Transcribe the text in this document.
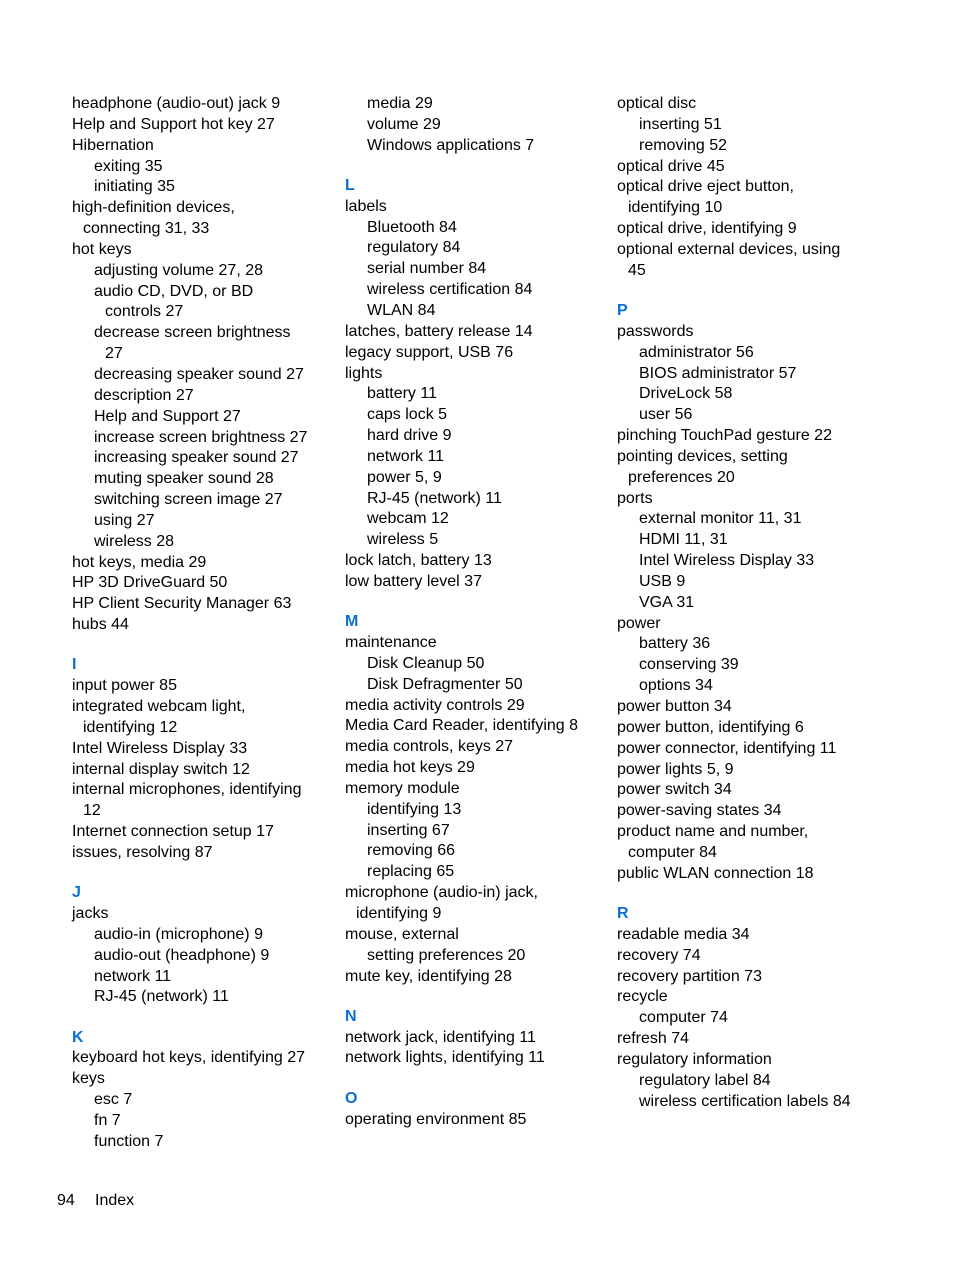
headphone (audio-out) jack 9
Help and Support hot key 27
Hibernation
exiting 35
initiating 35
high-definition devices,
connecting 31, 33
hot keys
adjusting volume 27, 28
audio CD, DVD, or BD
controls 27
decrease screen brightness
27
decreasing speaker sound 27
description 27
Help and Support 27
increase screen brightness 27
increasing speaker sound 27
muting speaker sound 28
switching screen image 27
using 27
wireless 28
hot keys, media 29
HP 3D DriveGuard 50
HP Client Security Manager 63
hubs 44
I
input power 85
integrated webcam light,
identifying 12
Intel Wireless Display 33
internal display switch 12
internal microphones, identifying
12
Internet connection setup 17
issues, resolving 87
J
jacks
audio-in (microphone) 9
audio-out (headphone) 9
network 11
RJ-45 (network) 11
K
keyboard hot keys, identifying 27
keys
esc 7
fn 7
function 7
media 29
volume 29
Windows applications 7
L
labels
Bluetooth 84
regulatory 84
serial number 84
wireless certification 84
WLAN 84
latches, battery release 14
legacy support, USB 76
lights
battery 11
caps lock 5
hard drive 9
network 11
power 5, 9
RJ-45 (network) 11
webcam 12
wireless 5
lock latch, battery 13
low battery level 37
M
maintenance
Disk Cleanup 50
Disk Defragmenter 50
media activity controls 29
Media Card Reader, identifying 8
media controls, keys 27
media hot keys 29
memory module
identifying 13
inserting 67
removing 66
replacing 65
microphone (audio-in) jack,
identifying 9
mouse, external
setting preferences 20
mute key, identifying 28
N
network jack, identifying 11
network lights, identifying 11
O
operating environment 85
optical disc
inserting 51
removing 52
optical drive 45
optical drive eject button,
identifying 10
optical drive, identifying 9
optional external devices, using
45
P
passwords
administrator 56
BIOS administrator 57
DriveLock 58
user 56
pinching TouchPad gesture 22
pointing devices, setting
preferences 20
ports
external monitor 11, 31
HDMI 11, 31
Intel Wireless Display 33
USB 9
VGA 31
power
battery 36
conserving 39
options 34
power button 34
power button, identifying 6
power connector, identifying 11
power lights 5, 9
power switch 34
power-saving states 34
product name and number,
computer 84
public WLAN connection 18
R
readable media 34
recovery 74
recovery partition 73
recycle
computer 74
refresh 74
regulatory information
regulatory label 84
wireless certification labels 84
94 Index
